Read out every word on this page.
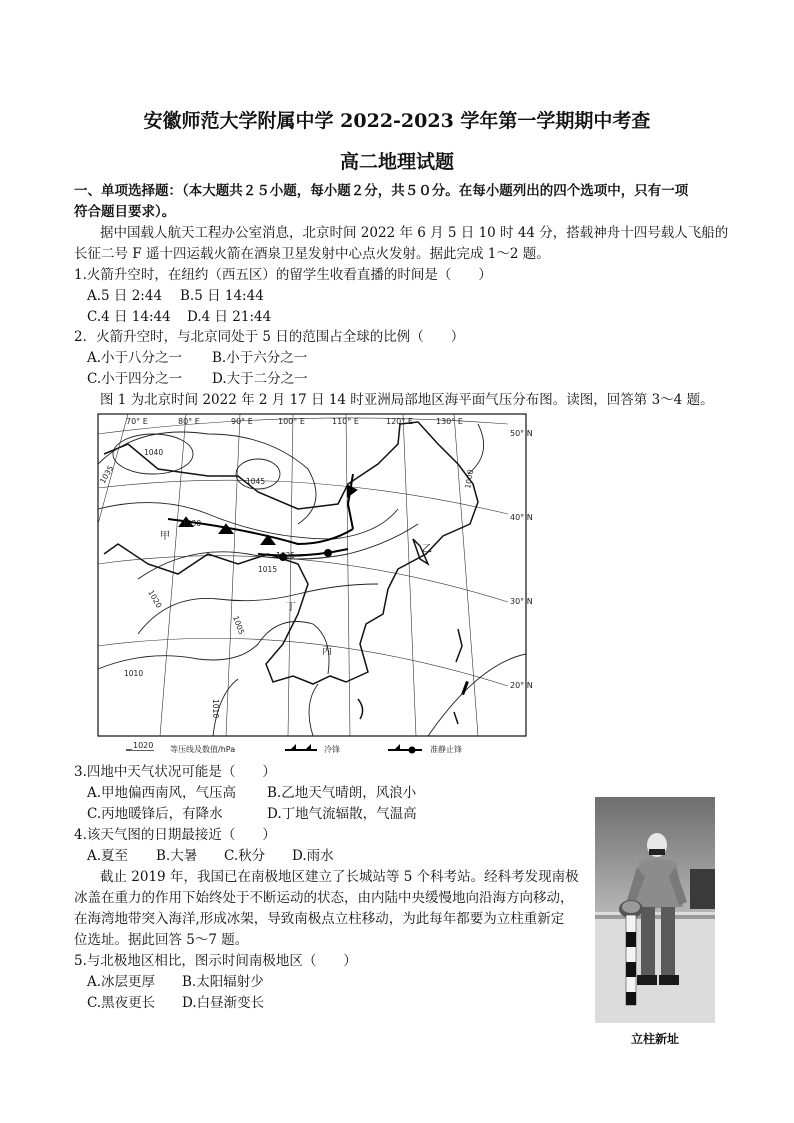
安徽师范大学附属中学 2022-2023 学年第一学期期中考查
高二地理试题
一、单项选择题：（本大题共２５小题，每小题２分，共５０分。在每小题列出的四个选项中，只有一项
符合题目要求）。
据中国载人航天工程办公室消息，北京时间 2022 年 6 月 5 日 10 时 44 分，搭载神舟十四号载人飞船的
长征二号 F 遥十四运载火箭在酒泉卫星发射中心点火发射。据此完成 1～2 题。
1.火箭升空时，在纽约（西五区）的留学生收看直播的时间是（　　）
A.5 日 2:44 B.5 日 14:44
C.4 日 14:44 D.4 日 21:44
2．火箭升空时，与北京同处于 5 日的范围占全球的比例（　　）
A.小于八分之一 B.小于六分之一
C.小于四分之一 D.大于二分之一
图 1 为北京时间 2022 年 2 月 17 日 14 时亚洲局部地区海平面气压分布图。读图，回答第 3～4 题。
70° E	80° E	90° E	100° E	110° E	120° E	130° E
50° N
40° N
30° N
20° N
1040
1045
1035
1030
1025
1015
1020
1005
1010
1010
1000
甲
乙
丙
丁
1020 等压线及数值/hPa	冷锋	准静止锋
3.四地中天气状况可能是（　　）
A.甲地偏西南风，气压高 B.乙地天气晴朗，风浪小
C.丙地暖锋后，有降水	D.丁地气流辐散，气温高
4.该天气图的日期最接近（　　）
A.夏至 B.大暑 C.秋分 D.雨水
截止 2019 年，我国已在南极地区建立了长城站等 5 个科考站。经科考发现南极
冰盖在重力的作用下始终处于不断运动的状态，由内陆中央缓慢地向沿海方向移动，
在海湾地带突入海洋,形成冰架，导致南极点立柱移动，为此每年都要为立柱重新定
位选址。据此回答 5～7 题。
5.与北极地区相比，图示时间南极地区（　　）
A.冰层更厚 B.太阳辐射少
C.黑夜更长 D.白昼渐变长
立柱新址
